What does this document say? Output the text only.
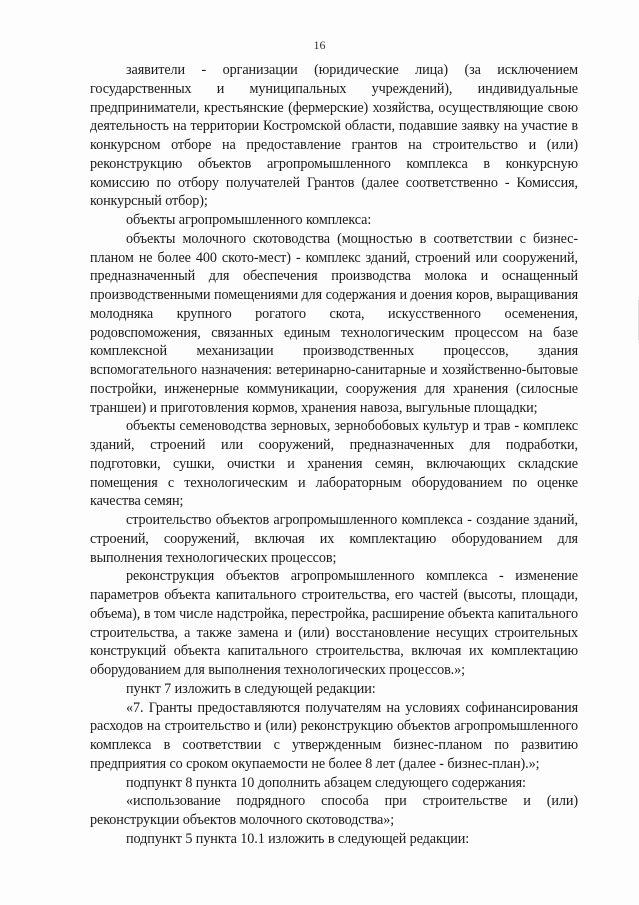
16

заявители - организации (юридические лица) (за исключением государственных и муниципальных учреждений), индивидуальные предприниматели, крестьянские (фермерские) хозяйства, осуществляющие свою деятельность на территории Костромской области, подавшие заявку на участие в конкурсном отборе на предоставление грантов на строительство и (или) реконструкцию объектов агропромышленного комплекса в конкурсную комиссию по отбору получателей Грантов (далее соответственно - Комиссия, конкурсный отбор);

объекты агропромышленного комплекса:

объекты молочного скотоводства (мощностью в соответствии с бизнес-планом не более 400 ското-мест) - комплекс зданий, строений или сооружений, предназначенный для обеспечения производства молока и оснащенный производственными помещениями для содержания и доения коров, выращивания молодняка крупного рогатого скота, искусственного осеменения, родовспоможения, связанных единым технологическим процессом на базе комплексной механизации производственных процессов, здания вспомогательного назначения: ветеринарно-санитарные и хозяйственно-бытовые постройки, инженерные коммуникации, сооружения для хранения (силосные траншеи) и приготовления кормов, хранения навоза, выгульные площадки;

объекты семеноводства зерновых, зернобобовых культур и трав - комплекс зданий, строений или сооружений, предназначенных для подработки, подготовки, сушки, очистки и хранения семян, включающих складские помещения с технологическим и лабораторным оборудованием по оценке качества семян;

строительство объектов агропромышленного комплекса - создание зданий, строений, сооружений, включая их комплектацию оборудованием для выполнения технологических процессов;

реконструкция объектов агропромышленного комплекса - изменение параметров объекта капитального строительства, его частей (высоты, площади, объема), в том числе надстройка, перестройка, расширение объекта капитального строительства, а также замена и (или) восстановление несущих строительных конструкций объекта капитального строительства, включая их комплектацию оборудованием для выполнения технологических процессов.»;

пункт 7 изложить в следующей редакции:

«7. Гранты предоставляются получателям на условиях софинансирования расходов на строительство и (или) реконструкцию объектов агропромышленного комплекса в соответствии с утвержденным бизнес-планом по развитию предприятия со сроком окупаемости не более 8 лет (далее - бизнес-план).»;

подпункт 8 пункта 10 дополнить абзацем следующего содержания:

«использование подрядного способа при строительстве и (или) реконструкции объектов молочного скотоводства»;

подпункт 5 пункта 10.1 изложить в следующей редакции:
